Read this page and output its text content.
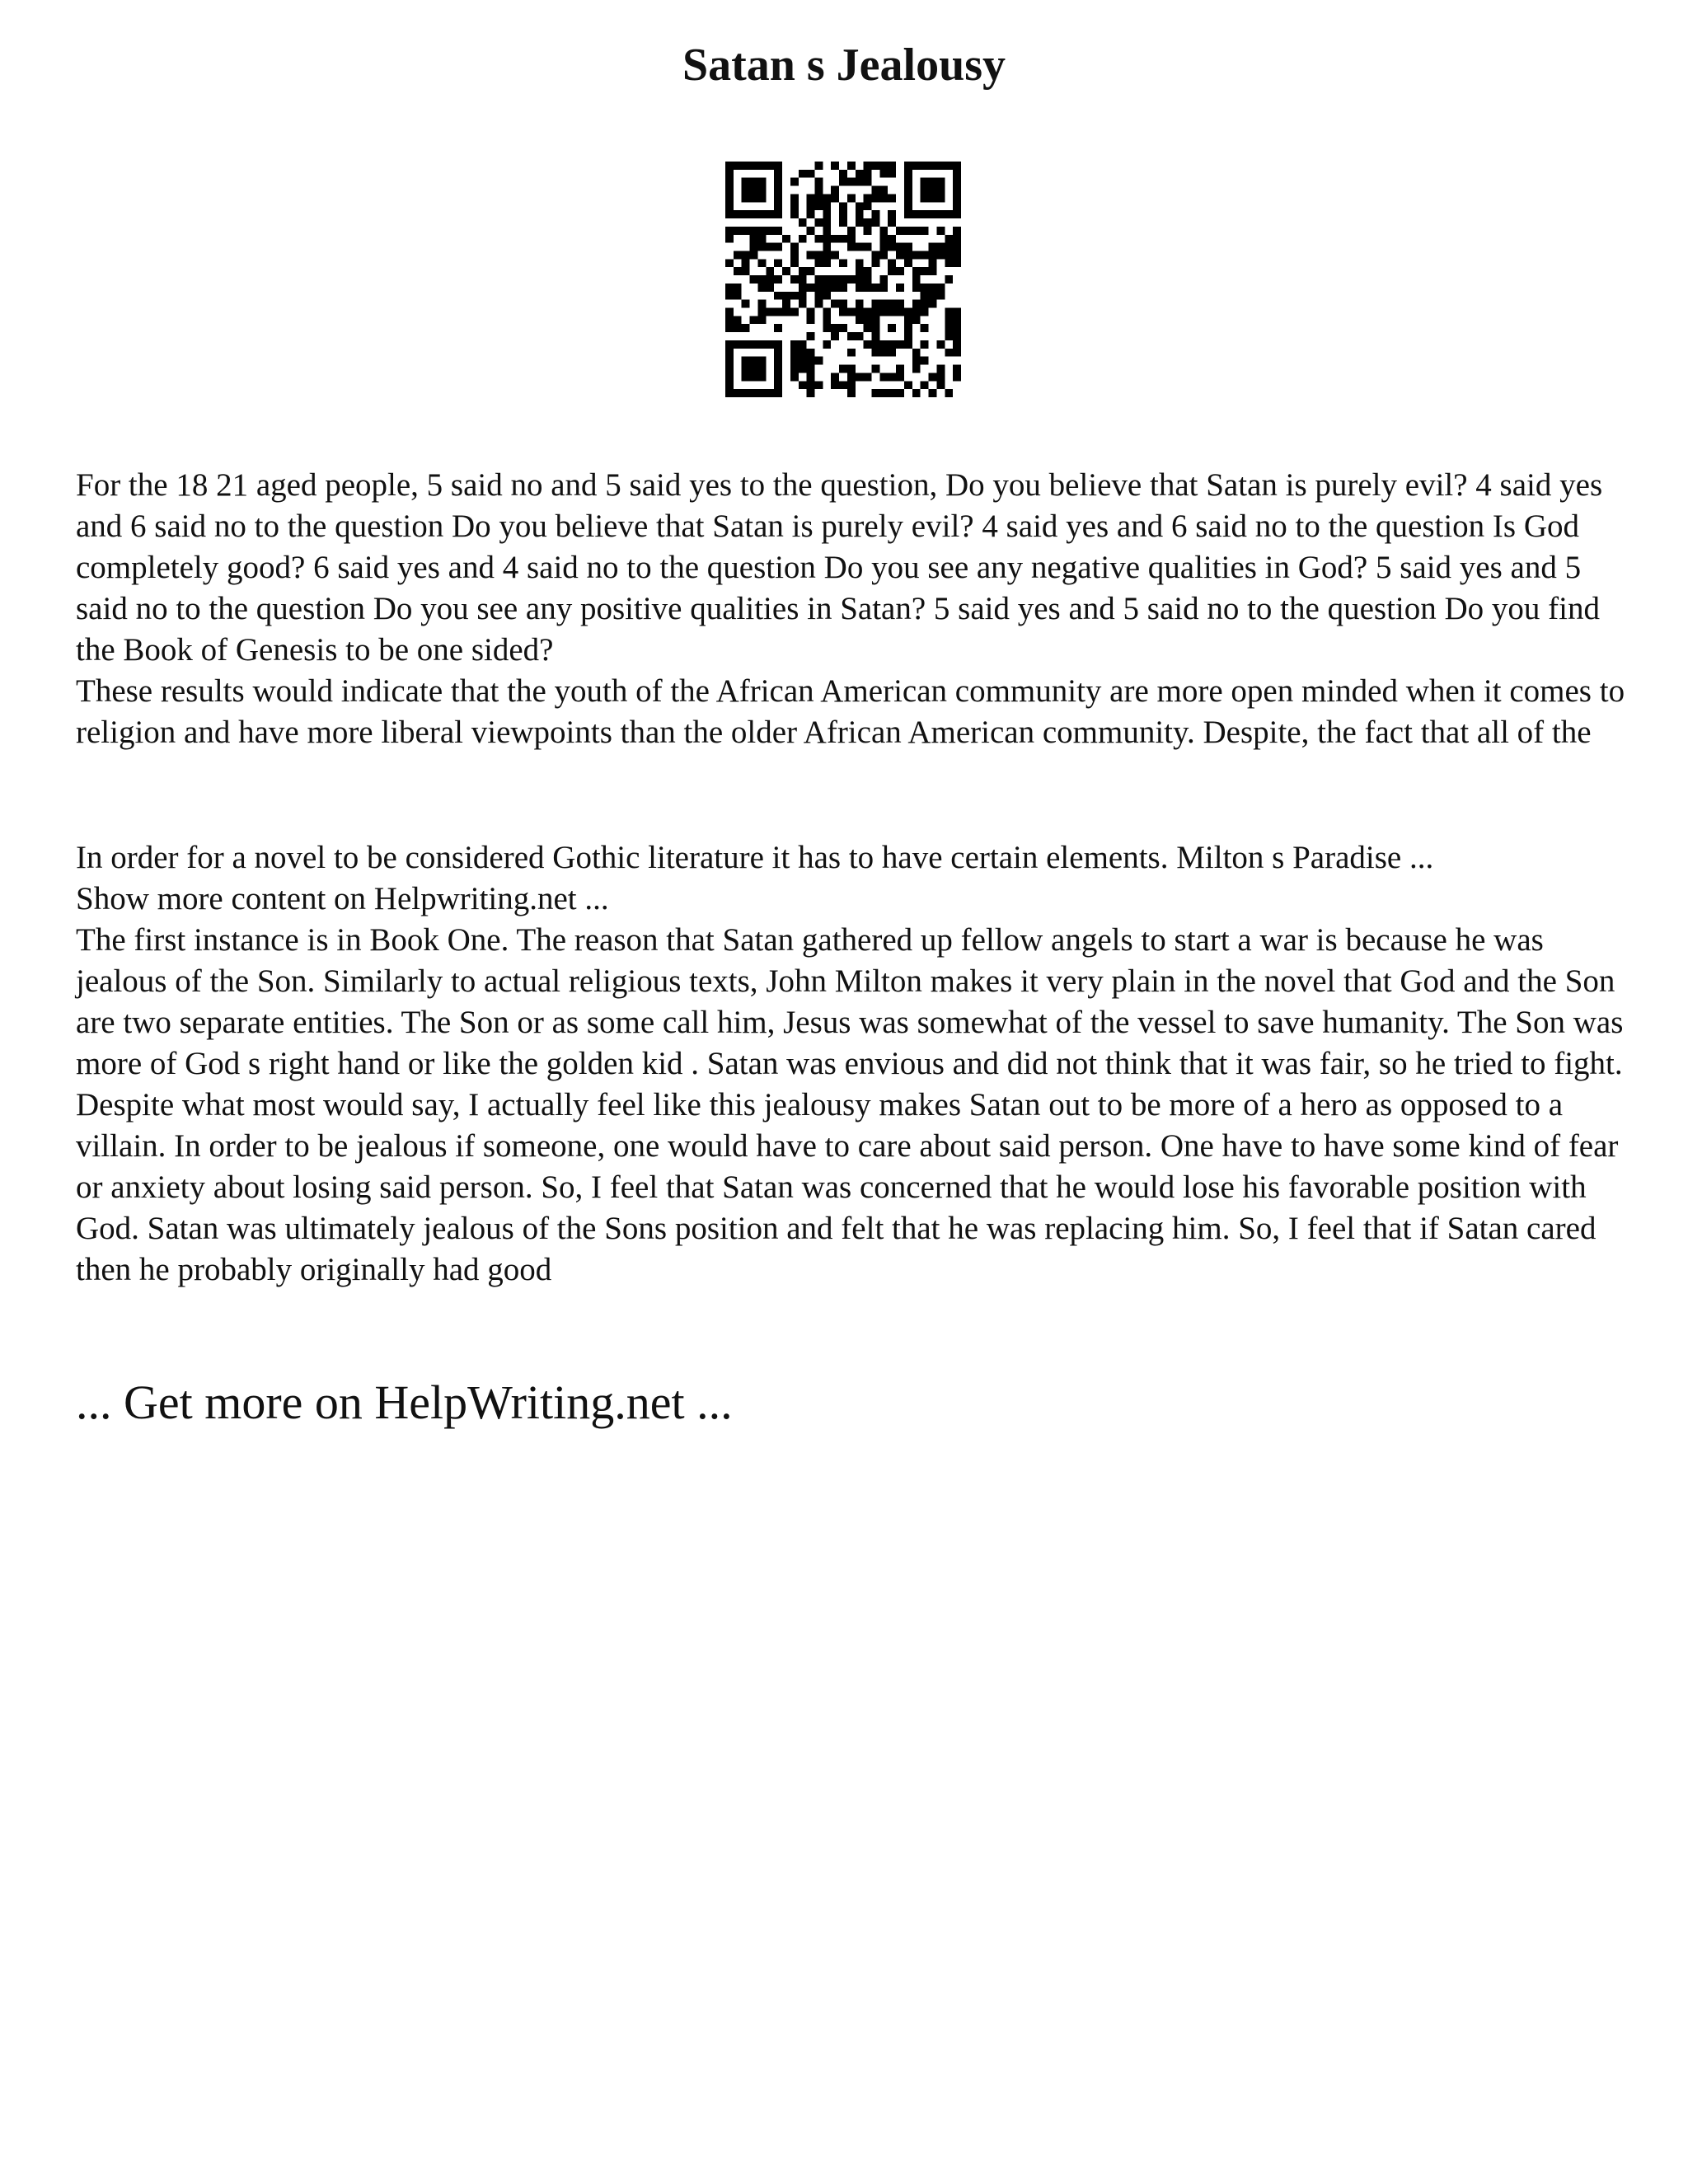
Satan s Jealousy

For the 18 21 aged people, 5 said no and 5 said yes to the question, Do you believe that Satan is purely evil? 4 said yes and 6 said no to the question Do you believe that Satan is purely evil? 4 said yes and 6 said no to the question Is God completely good? 6 said yes and 4 said no to the question Do you see any negative qualities in God? 5 said yes and 5 said no to the question Do you see any positive qualities in Satan? 5 said yes and 5 said no to the question Do you find the Book of Genesis to be one sided?

These results would indicate that the youth of the African American community are more open minded when it comes to religion and have more liberal viewpoints than the older African American community. Despite, the fact that all of the

In order for a novel to be considered Gothic literature it has to have certain elements. Milton s Paradise ...

Show more content on Helpwriting.net ...

The first instance is in Book One. The reason that Satan gathered up fellow angels to start a war is because he was jealous of the Son. Similarly to actual religious texts, John Milton makes it very plain in the novel that God and the Son are two separate entities. The Son or as some call him, Jesus was somewhat of the vessel to save humanity. The Son was more of God s right hand or like the golden kid . Satan was envious and did not think that it was fair, so he tried to fight. Despite what most would say, I actually feel like this jealousy makes Satan out to be more of a hero as opposed to a villain. In order to be jealous if someone, one would have to care about said person. One have to have some kind of fear or anxiety about losing said person. So, I feel that Satan was concerned that he would lose his favorable position with God. Satan was ultimately jealous of the Sons position and felt that he was replacing him. So, I feel that if Satan cared then he probably originally had good

... Get more on HelpWriting.net ...
